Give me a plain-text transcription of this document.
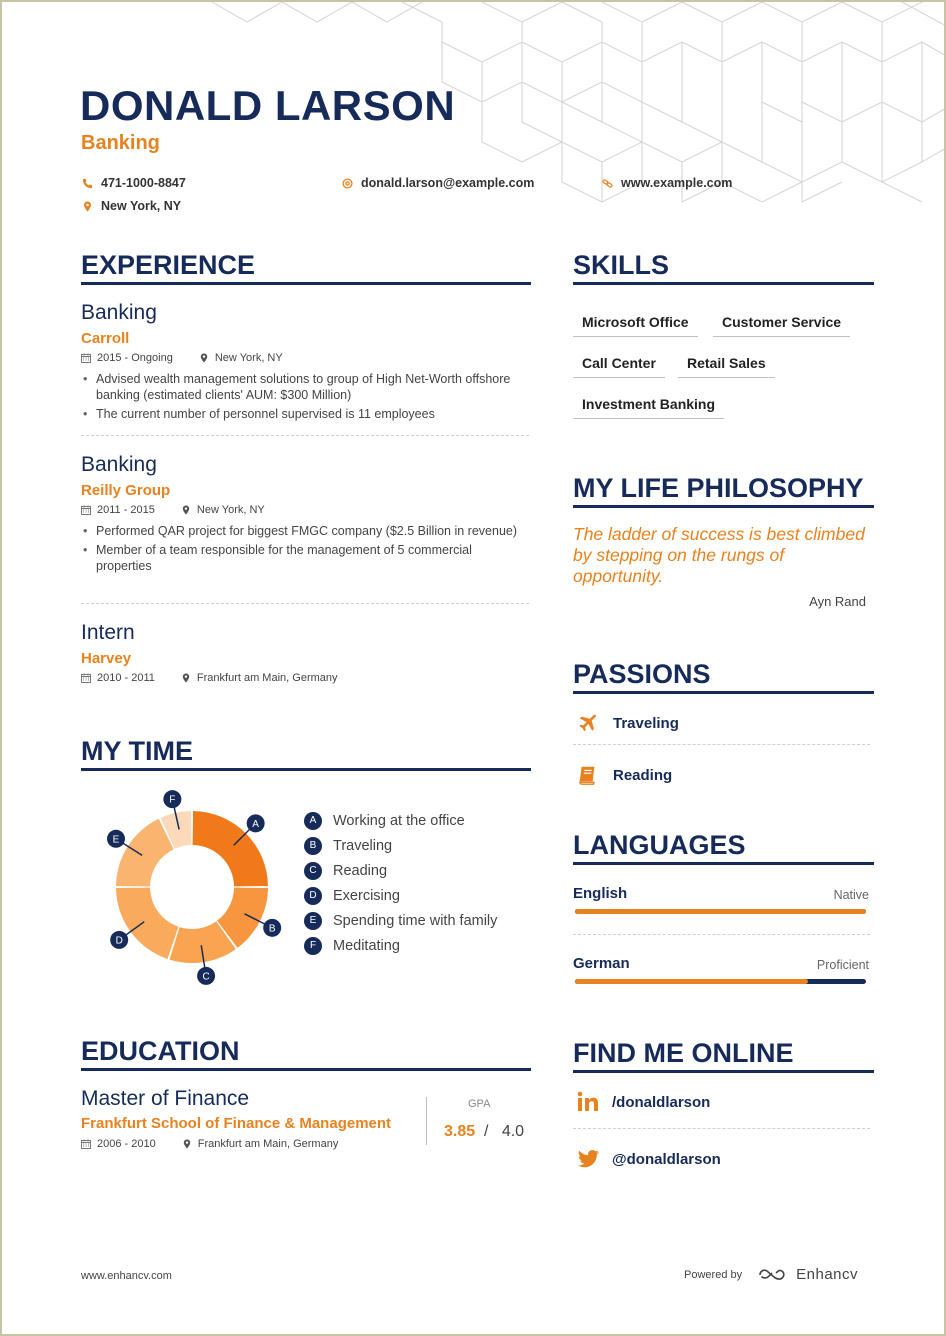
DONALD LARSON
Banking
471-1000-8847	donald.larson@example.com	www.example.com
New York, NY
EXPERIENCE
Banking
Carroll
2015 - Ongoing	New York, NY
• Advised wealth management solutions to group of High Net-Worth offshore banking (estimated clients' AUM: $300 Million)
• The current number of personnel supervised is 11 employees
Banking
Reilly Group
2011 - 2015	New York, NY
• Performed QAR project for biggest FMGC company ($2.5 Billion in revenue)
• Member of a team responsible for the management of 5 commercial properties
Intern
Harvey
2010 - 2011	Frankfurt am Main, Germany
MY TIME
A
B
C
D
E
F
A	Working at the office
B	Traveling
C	Reading
D	Exercising
E	Spending time with family
F	Meditating
EDUCATION
Master of Finance
Frankfurt School of Finance & Management
2006 - 2010	Frankfurt am Main, Germany
GPA
3.85 / 4.0
SKILLS
Microsoft Office	Customer Service
Call Center	Retail Sales
Investment Banking
MY LIFE PHILOSOPHY
The ladder of success is best climbed by stepping on the rungs of opportunity.
Ayn Rand
PASSIONS
Traveling
Reading
LANGUAGES
English	Native
German	Proficient
FIND ME ONLINE
/donaldlarson
@donaldlarson
www.enhancv.com	Powered by	Enhancv
